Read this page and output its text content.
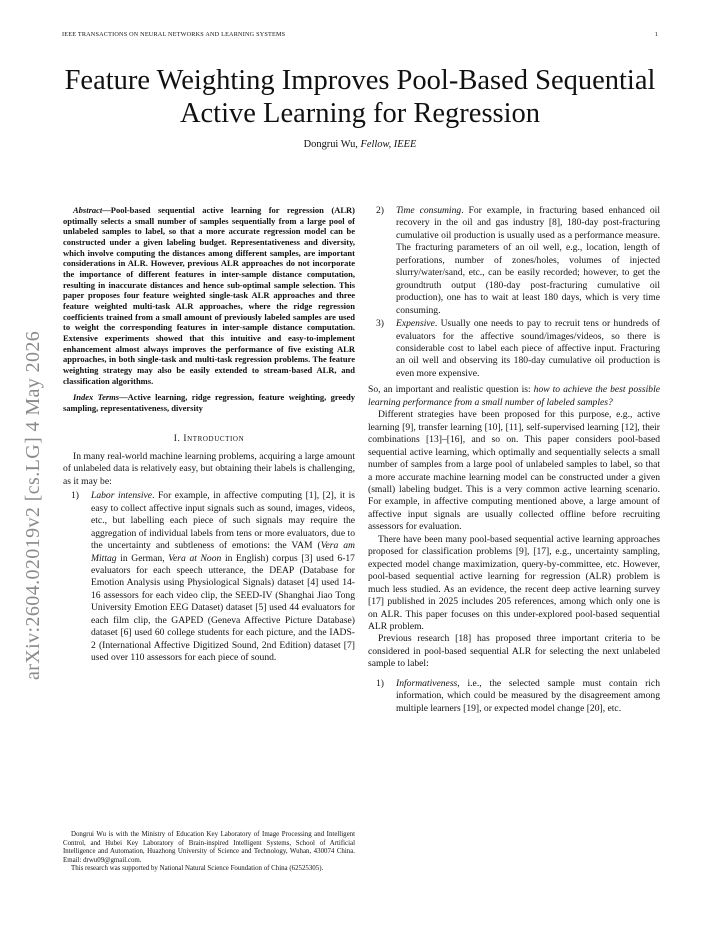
IEEE TRANSACTIONS ON NEURAL NETWORKS AND LEARNING SYSTEMS	1
Feature Weighting Improves Pool-Based Sequential
Active Learning for Regression
Dongrui Wu, Fellow, IEEE
arXiv:2604.02019v2 [cs.LG] 4 May 2026

Abstract—Pool-based sequential active learning for regression (ALR) optimally selects a small number of samples sequentially from a large pool of unlabeled samples to label, so that a more accurate regression model can be constructed under a given labeling budget. Representativeness and diversity, which involve computing the distances among different samples, are important considerations in ALR. However, previous ALR approaches do not incorporate the importance of different features in inter-sample distance computation, resulting in inaccurate distances and hence sub-optimal sample selection. This paper proposes four feature weighted single-task ALR approaches and three feature weighted multi-task ALR approaches, where the ridge regression coefficients trained from a small amount of previously labeled samples are used to weight the corresponding features in inter-sample distance computation. Extensive experiments showed that this intuitive and easy-to-implement enhancement almost always improves the performance of five existing ALR approaches, in both single-task and multi-task regression problems. The feature weighting strategy may also be easily extended to stream-based ALR, and classification algorithms.

Index Terms—Active learning, ridge regression, feature weighting, greedy sampling, representativeness, diversity

I. Introduction

In many real-world machine learning problems, acquiring a large amount of unlabeled data is relatively easy, but obtaining their labels is challenging, as it may be:

1) Labor intensive. For example, in affective computing [1], [2], it is easy to collect affective input signals such as sound, images, videos, etc., but labelling each piece of such signals may require the aggregation of individual labels from tens or more evaluators, due to the uncertainty and subtleness of emotions: the VAM (Vera am Mittag in German, Vera at Noon in English) corpus [3] used 6-17 evaluators for each speech utterance, the DEAP (Database for Emotion Analysis using Physiological Signals) dataset [4] used 14-16 assessors for each video clip, the SEED-IV (Shanghai Jiao Tong University Emotion EEG Dataset) dataset [5] used 44 evaluators for each film clip, the GAPED (Geneva Affective Picture Database) dataset [6] used 60 college students for each picture, and the IADS-2 (International Affective Digitized Sound, 2nd Edition) dataset [7] used over 110 assessors for each piece of sound.

Dongrui Wu is with the Ministry of Education Key Laboratory of Image Processing and Intelligent Control, and Hubei Key Laboratory of Brain-inspired Intelligent Systems, School of Artificial Intelligence and Automation, Huazhong University of Science and Technology, Wuhan, 430074 China. Email: drwu09@gmail.com.

This research was supported by National Natural Science Foundation of China (62525305).

2) Time consuming. For example, in fracturing based enhanced oil recovery in the oil and gas industry [8], 180-day post-fracturing cumulative oil production is usually used as a performance measure. The fracturing parameters of an oil well, e.g., location, length of perforations, number of zones/holes, volumes of injected slurry/water/sand, etc., can be easily recorded; however, to get the groundtruth output (180-day post-fracturing cumulative oil production), one has to wait at least 180 days, which is very time consuming.
3) Expensive. Usually one needs to pay to recruit tens or hundreds of evaluators for the affective sound/images/videos, so there is considerable cost to label each piece of affective input. Fracturing an oil well and observing its 180-day cumulative oil production is even more expensive.

So, an important and realistic question is: how to achieve the best possible learning performance from a small number of labeled samples?

Different strategies have been proposed for this purpose, e.g., active learning [9], transfer learning [10], [11], self-supervised learning [12], their combinations [13]–[16], and so on. This paper considers pool-based sequential active learning, which optimally and sequentially selects a small number of samples from a large pool of unlabeled samples to label, so that a more accurate machine learning model can be constructed under a given (small) labeling budget. This is a very common active learning scenario. For example, in affective computing mentioned above, a large amount of affective input signals are usually collected offline before recruiting assessors for evaluation.

There have been many pool-based sequential active learning approaches proposed for classification problems [9], [17], e.g., uncertainty sampling, expected model change maximization, query-by-committee, etc. However, pool-based sequential active learning for regression (ALR) problem is much less studied. As an evidence, the recent deep active learning survey [17] published in 2025 includes 205 references, among which only one is on ALR. This paper focuses on this under-explored pool-based sequential ALR problem.

Previous research [18] has proposed three important criteria to be considered in pool-based sequential ALR for selecting the next unlabeled sample to label:

1) Informativeness, i.e., the selected sample must contain rich information, which could be measured by the disagreement among multiple learners [19], or expected model change [20], etc.
